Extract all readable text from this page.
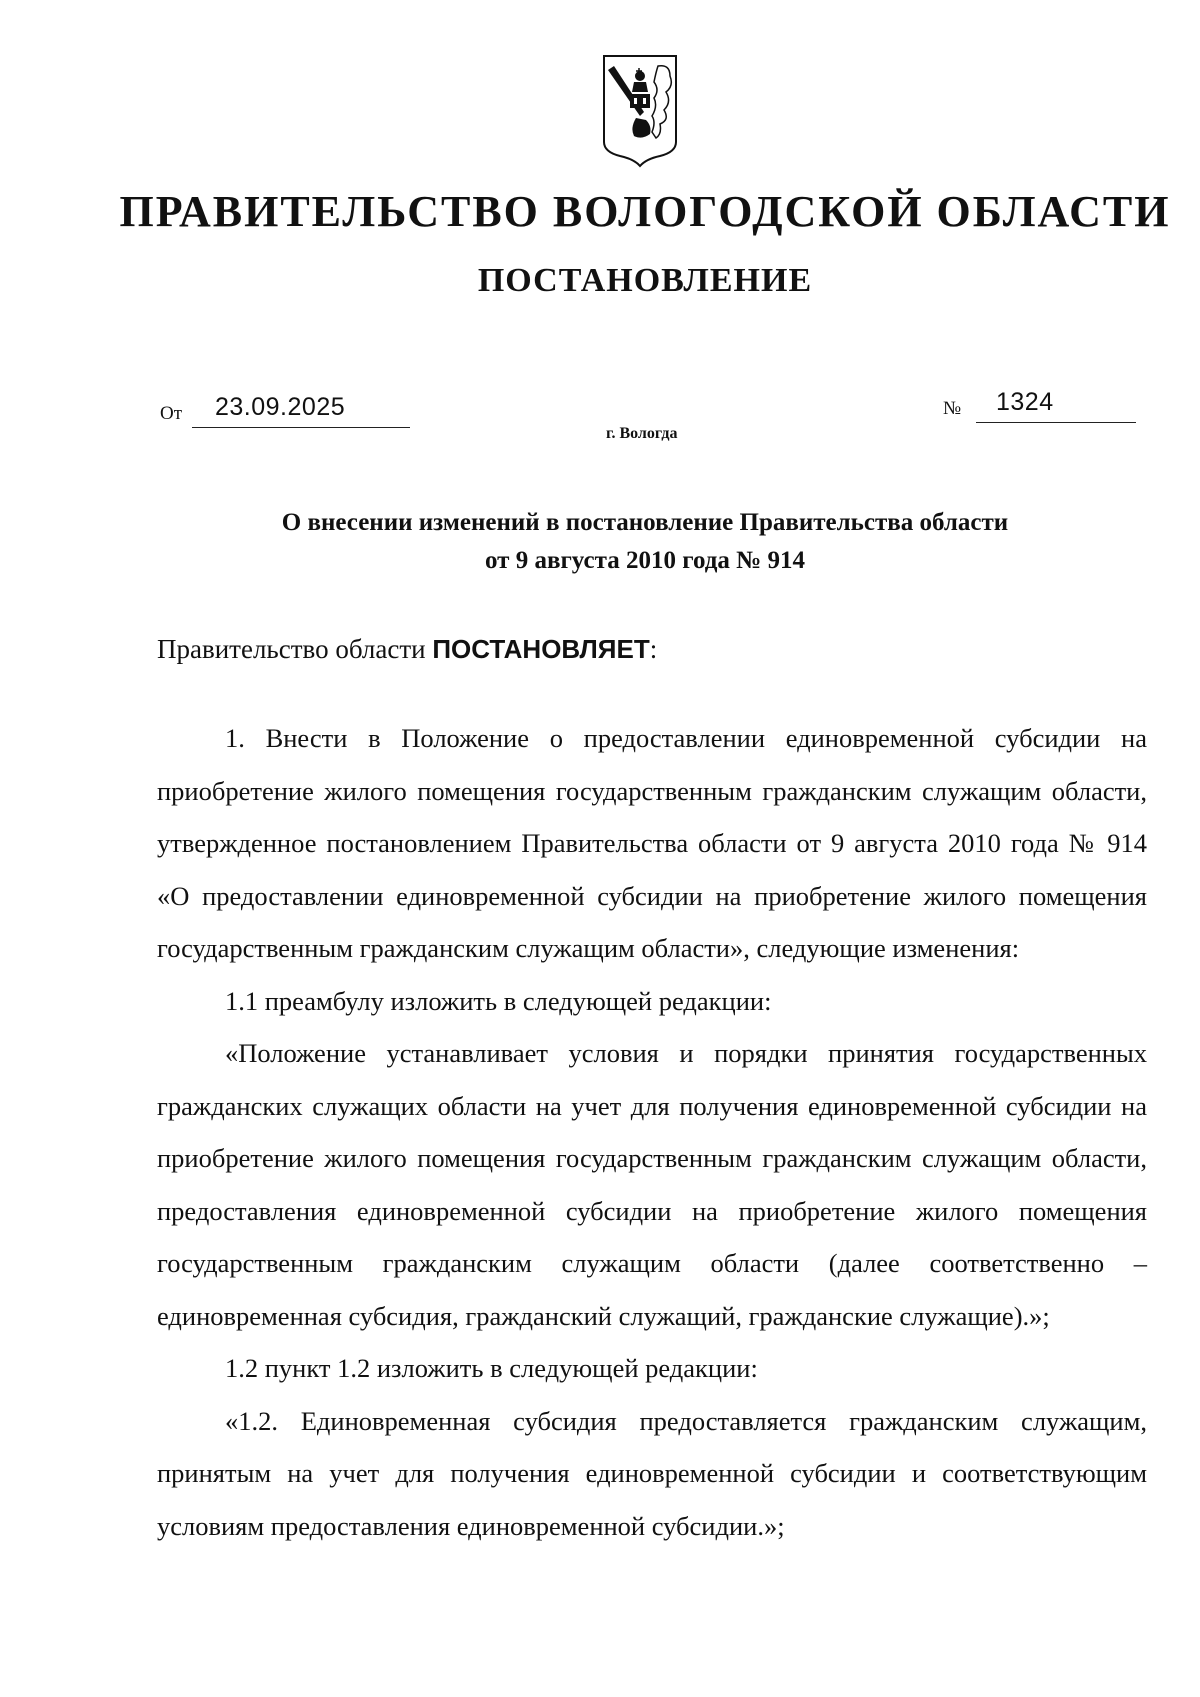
ПРАВИТЕЛЬСТВО ВОЛОГОДСКОЙ ОБЛАСТИ
ПОСТАНОВЛЕНИЕ
От 23.09.2025	№ 1324
г. Вологда
О внесении изменений в постановление Правительства области
от 9 августа 2010 года № 914
Правительство области ПОСТАНОВЛЯЕТ:

1. Внести в Положение о предоставлении единовременной субсидии на приобретение жилого помещения государственным гражданским служащим области, утвержденное постановлением Правительства области от 9 августа 2010 года № 914 «О предоставлении единовременной субсидии на приобретение жилого помещения государственным гражданским служащим области», следующие изменения:

1.1 преамбулу изложить в следующей редакции:

«Положение устанавливает условия и порядки принятия государственных гражданских служащих области на учет для получения единовременной субсидии на приобретение жилого помещения государственным гражданским служащим области, предоставления единовременной субсидии на приобретение жилого помещения государственным гражданским служащим области (далее соответственно – единовременная субсидия, гражданский служащий, гражданские служащие).»;

1.2 пункт 1.2 изложить в следующей редакции:

«1.2. Единовременная субсидия предоставляется гражданским служащим, принятым на учет для получения единовременной субсидии и соответствующим условиям предоставления единовременной субсидии.»;
